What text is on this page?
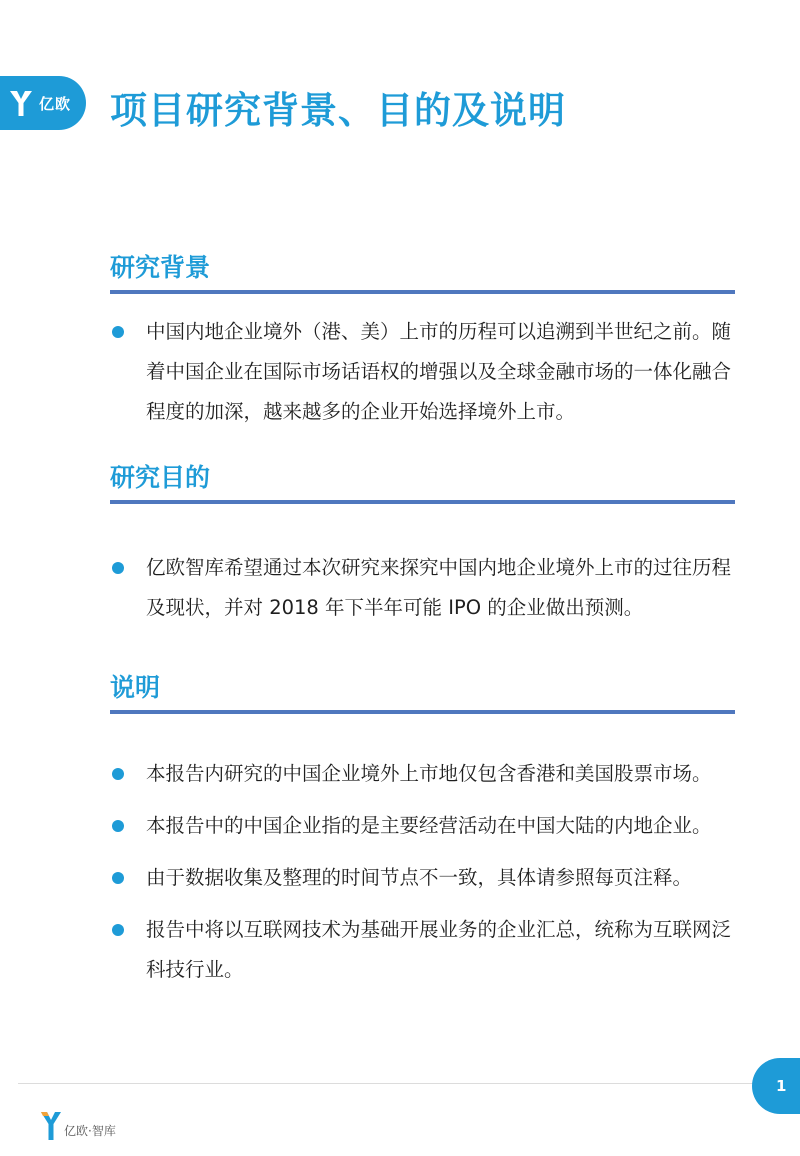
亿欧 项目研究背景、目的及说明
研究背景
中国内地企业境外（港、美）上市的历程可以追溯到半世纪之前。随着中国企业在国际市场话语权的增强以及全球金融市场的一体化融合程度的加深，越来越多的企业开始选择境外上市。
研究目的
亿欧智库希望通过本次研究来探究中国内地企业境外上市的过往历程及现状，并对 2018 年下半年可能 IPO 的企业做出预测。
说明
本报告内研究的中国企业境外上市地仅包含香港和美国股票市场。
本报告中的中国企业指的是主要经营活动在中国大陆的内地企业。
由于数据收集及整理的时间节点不一致，具体请参照每页注释。
报告中将以互联网技术为基础开展业务的企业汇总，统称为互联网泛科技行业。
1
亿欧·智库
